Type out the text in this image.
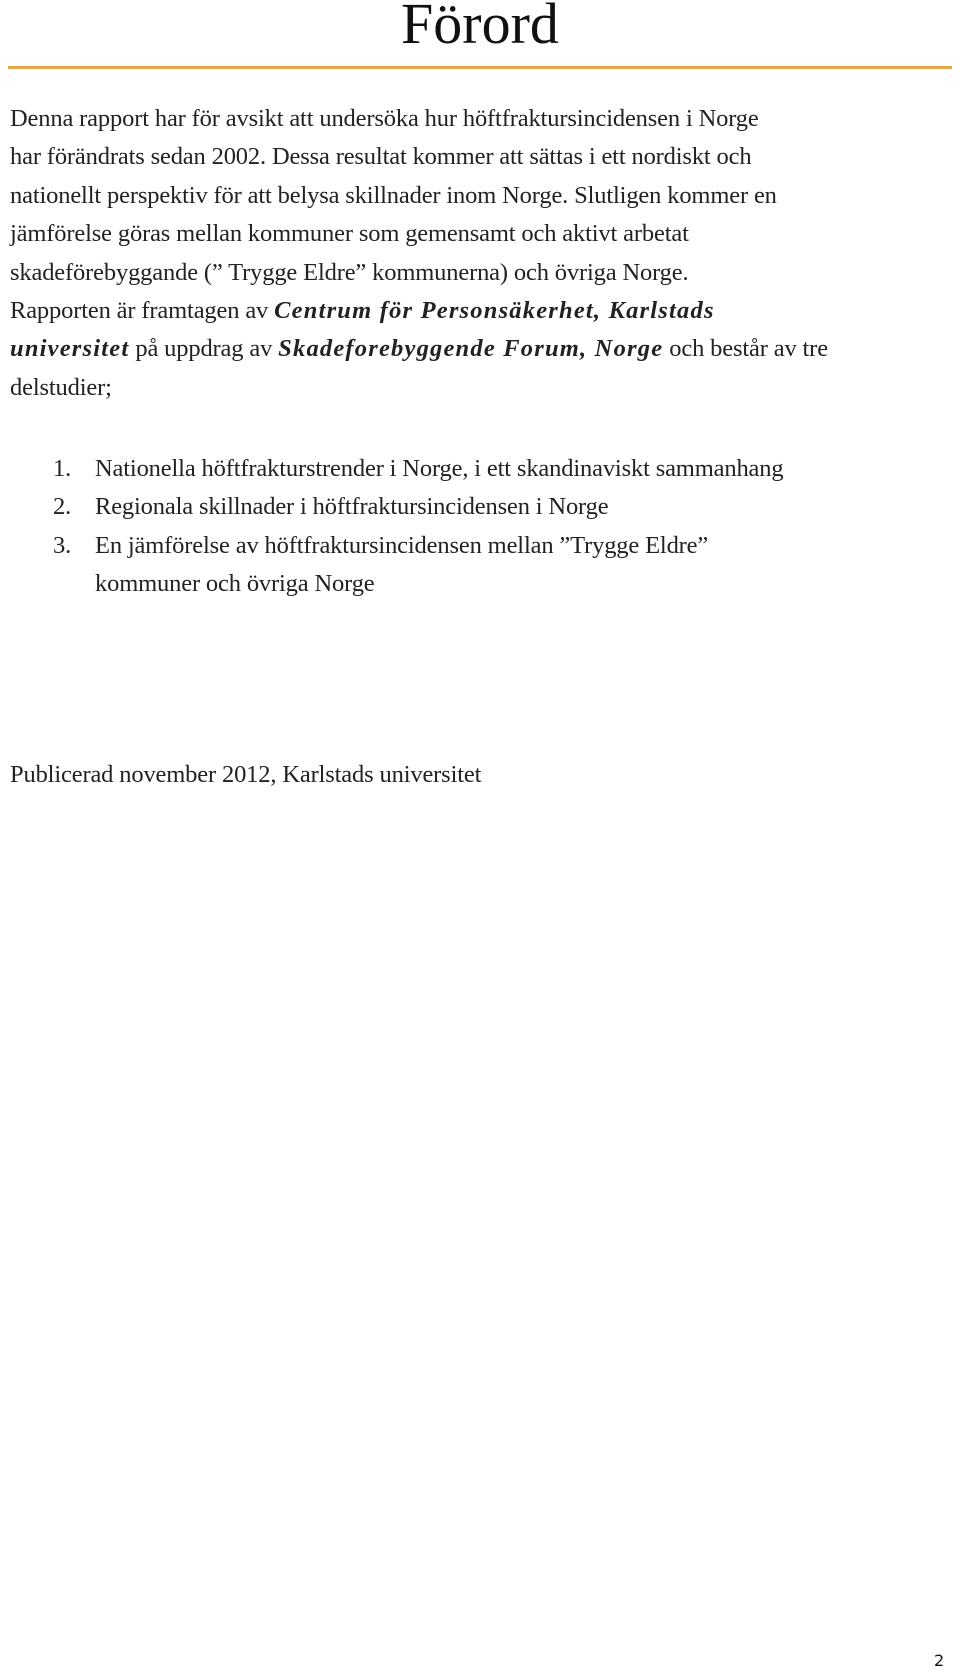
Förord

Denna rapport har för avsikt att undersöka hur höftfraktursincidensen i Norge
har förändrats sedan 2002. Dessa resultat kommer att sättas i ett nordiskt och
nationellt perspektiv för att belysa skillnader inom Norge. Slutligen kommer en
jämförelse göras mellan kommuner som gemensamt och aktivt arbetat
skadeförebyggande (” Trygge Eldre” kommunerna) och övriga Norge.
Rapporten är framtagen av Centrum för Personsäkerhet, Karlstads
universitet på uppdrag av Skadeforebyggende Forum, Norge och består av tre
delstudier;

1. Nationella höftfrakturstrender i Norge, i ett skandinaviskt sammanhang
2. Regionala skillnader i höftfraktursincidensen i Norge
3. En jämförelse av höftfraktursincidensen mellan ”Trygge Eldre”
kommuner och övriga Norge
Publicerad november 2012, Karlstads universitet
2
